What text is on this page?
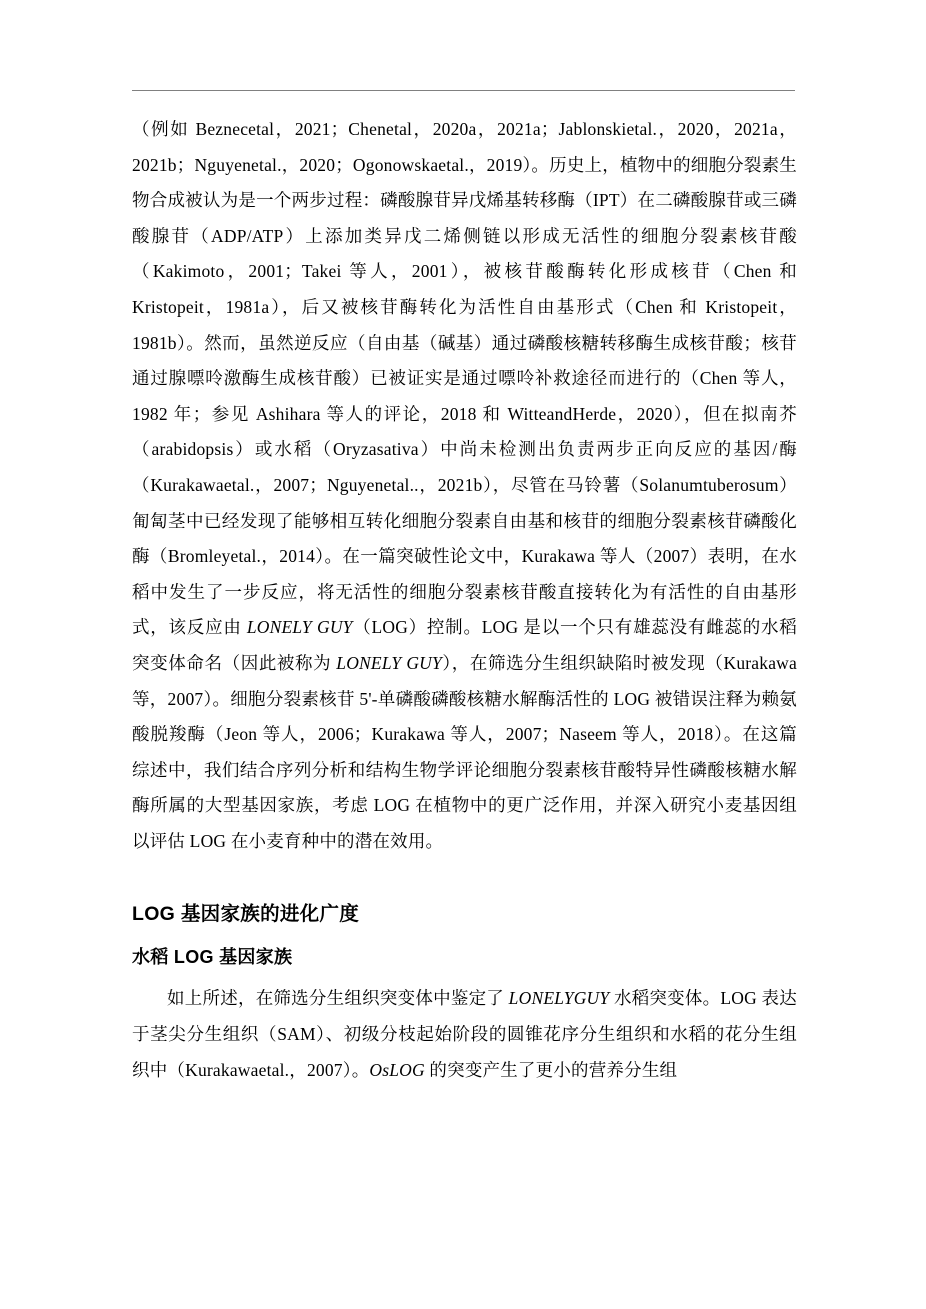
（例如 Beznecetal，2021；Chenetal，2020a，2021a；Jablonskietal.，2020，2021a，2021b；Nguyenetal.，2020；Ogonowskaetal.，2019）。历史上，植物中的细胞分裂素生物合成被认为是一个两步过程：磷酸腺苷异戊烯基转移酶（IPT）在二磷酸腺苷或三磷酸腺苷（ADP/ATP）上添加类异戊二烯侧链以形成无活性的细胞分裂素核苷酸（Kakimoto，2001；Takei 等人，2001），被核苷酸酶转化形成核苷（Chen 和 Kristopeit，1981a），后又被核苷酶转化为活性自由基形式（Chen 和 Kristopeit，1981b）。然而，虽然逆反应（自由基（碱基）通过磷酸核糖转移酶生成核苷酸；核苷通过腺嘌呤激酶生成核苷酸）已被证实是通过嘌呤补救途径而进行的（Chen 等人，1982 年；参见 Ashihara 等人的评论，2018 和 WitteandHerde，2020），但在拟南芥（arabidopsis）或水稻（Oryzasativa）中尚未检测出负责两步正向反应的基因/酶（Kurakawaetal.，2007；Nguyenetal..，2021b），尽管在马铃薯（Solanumtuberosum）匍匐茎中已经发现了能够相互转化细胞分裂素自由基和核苷的细胞分裂素核苷磷酸化酶（Bromleyetal.，2014）。在一篇突破性论文中，Kurakawa 等人（2007）表明，在水稻中发生了一步反应，将无活性的细胞分裂素核苷酸直接转化为有活性的自由基形式，该反应由 LONELY GUY（LOG）控制。LOG 是以一个只有雄蕊没有雌蕊的水稻突变体命名（因此被称为 LONELY GUY），在筛选分生组织缺陷时被发现（Kurakawa 等，2007）。细胞分裂素核苷 5'-单磷酸磷酸核糖水解酶活性的 LOG 被错误注释为赖氨酸脱羧酶（Jeon 等人，2006；Kurakawa 等人，2007；Naseem 等人，2018）。在这篇综述中，我们结合序列分析和结构生物学评论细胞分裂素核苷酸特异性磷酸核糖水解酶所属的大型基因家族，考虑 LOG 在植物中的更广泛作用，并深入研究小麦基因组以评估 LOG 在小麦育种中的潜在效用。

LOG 基因家族的进化广度
水稻 LOG 基因家族

如上所述，在筛选分生组织突变体中鉴定了 LONELYGUY 水稻突变体。LOG 表达于茎尖分生组织（SAM）、初级分枝起始阶段的圆锥花序分生组织和水稻的花分生组织中（Kurakawaetal.，2007）。OsLOG 的突变产生了更小的营养分生组
